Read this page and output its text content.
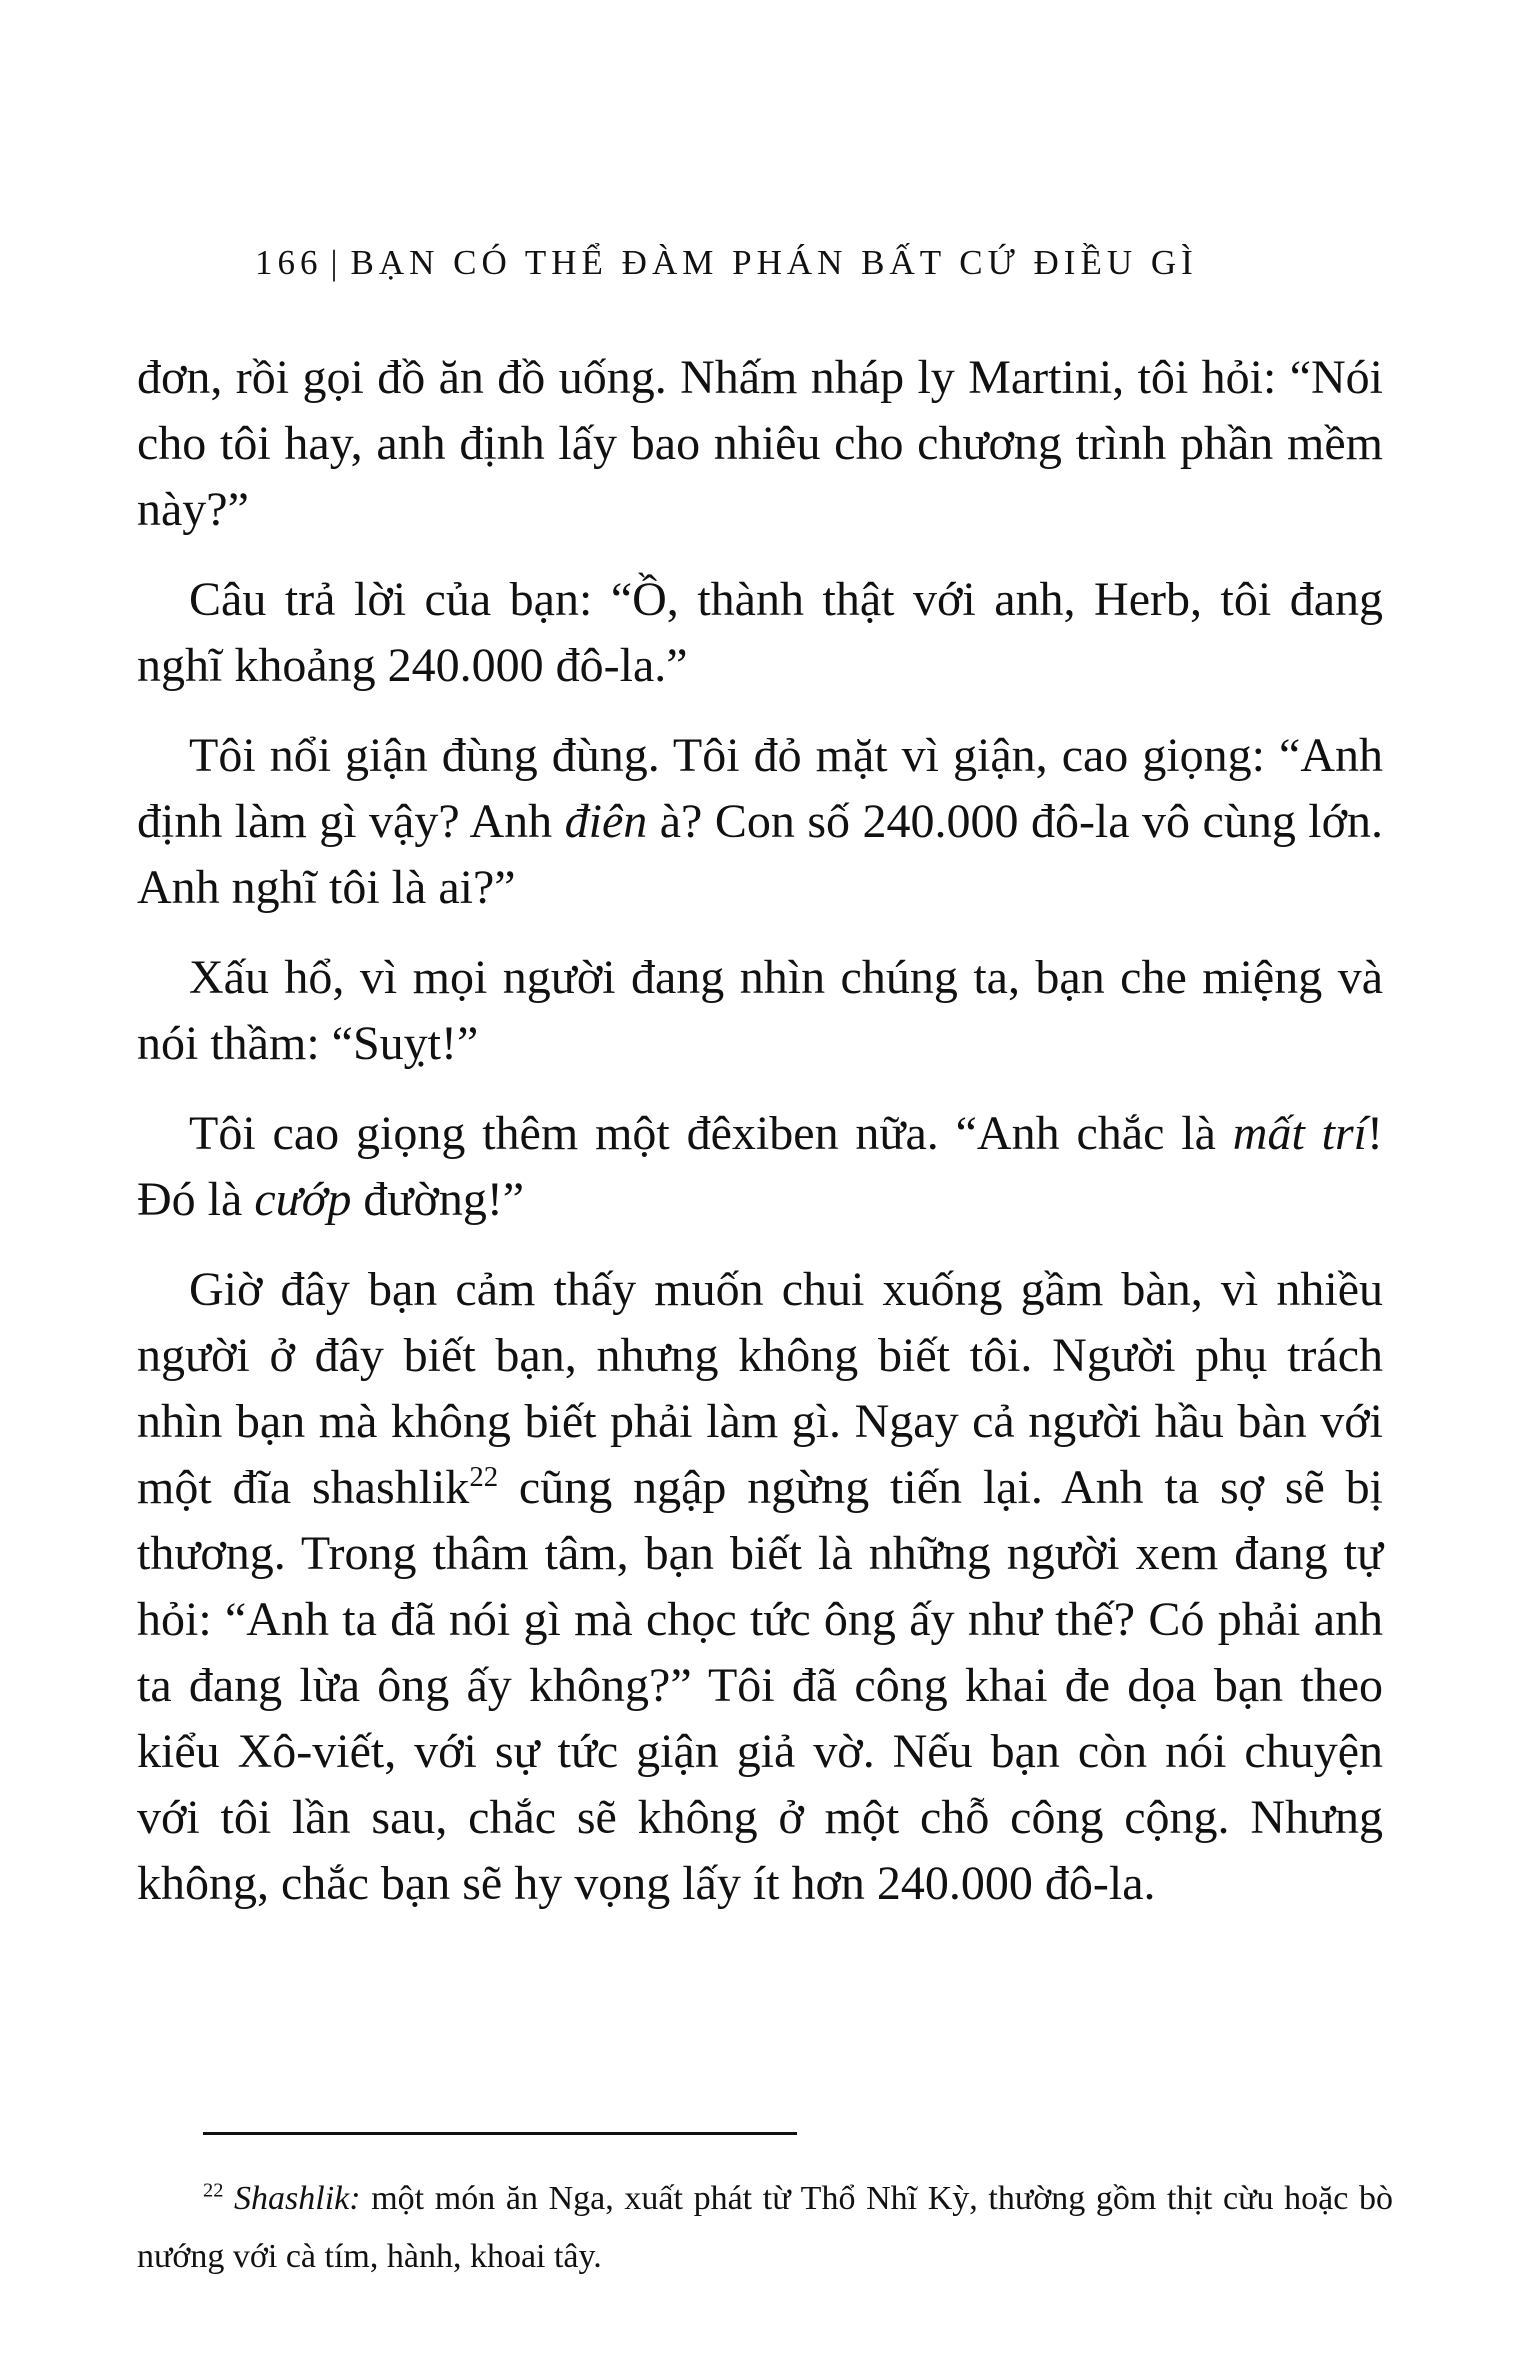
166 | BẠN CÓ THỂ ĐÀM PHÁN BẤT CỨ ĐIỀU GÌ

đơn, rồi gọi đồ ăn đồ uống. Nhấm nháp ly Martini, tôi hỏi: “Nói cho tôi hay, anh định lấy bao nhiêu cho chương trình phần mềm này?”

Câu trả lời của bạn: “Ồ, thành thật với anh, Herb, tôi đang nghĩ khoảng 240.000 đô-la.”

Tôi nổi giận đùng đùng. Tôi đỏ mặt vì giận, cao giọng: “Anh định làm gì vậy? Anh điên à? Con số 240.000 đô-la vô cùng lớn. Anh nghĩ tôi là ai?”

Xấu hổ, vì mọi người đang nhìn chúng ta, bạn che miệng và nói thầm: “Suỵt!”

Tôi cao giọng thêm một đêxiben nữa. “Anh chắc là mất trí! Đó là cướp đường!”

Giờ đây bạn cảm thấy muốn chui xuống gầm bàn, vì nhiều người ở đây biết bạn, nhưng không biết tôi. Người phụ trách nhìn bạn mà không biết phải làm gì. Ngay cả người hầu bàn với một đĩa shashlik$^{22}$ cũng ngập ngừng tiến lại. Anh ta sợ sẽ bị thương. Trong thâm tâm, bạn biết là những người xem đang tự hỏi: “Anh ta đã nói gì mà chọc tức ông ấy như thế? Có phải anh ta đang lừa ông ấy không?” Tôi đã công khai đe dọa bạn theo kiểu Xô-viết, với sự tức giận giả vờ. Nếu bạn còn nói chuyện với tôi lần sau, chắc sẽ không ở một chỗ công cộng. Nhưng không, chắc bạn sẽ hy vọng lấy ít hơn 240.000 đô-la.

$^{22}$ Shashlik: một món ăn Nga, xuất phát từ Thổ Nhĩ Kỳ, thường gồm thịt cừu hoặc bò nướng với cà tím, hành, khoai tây.
